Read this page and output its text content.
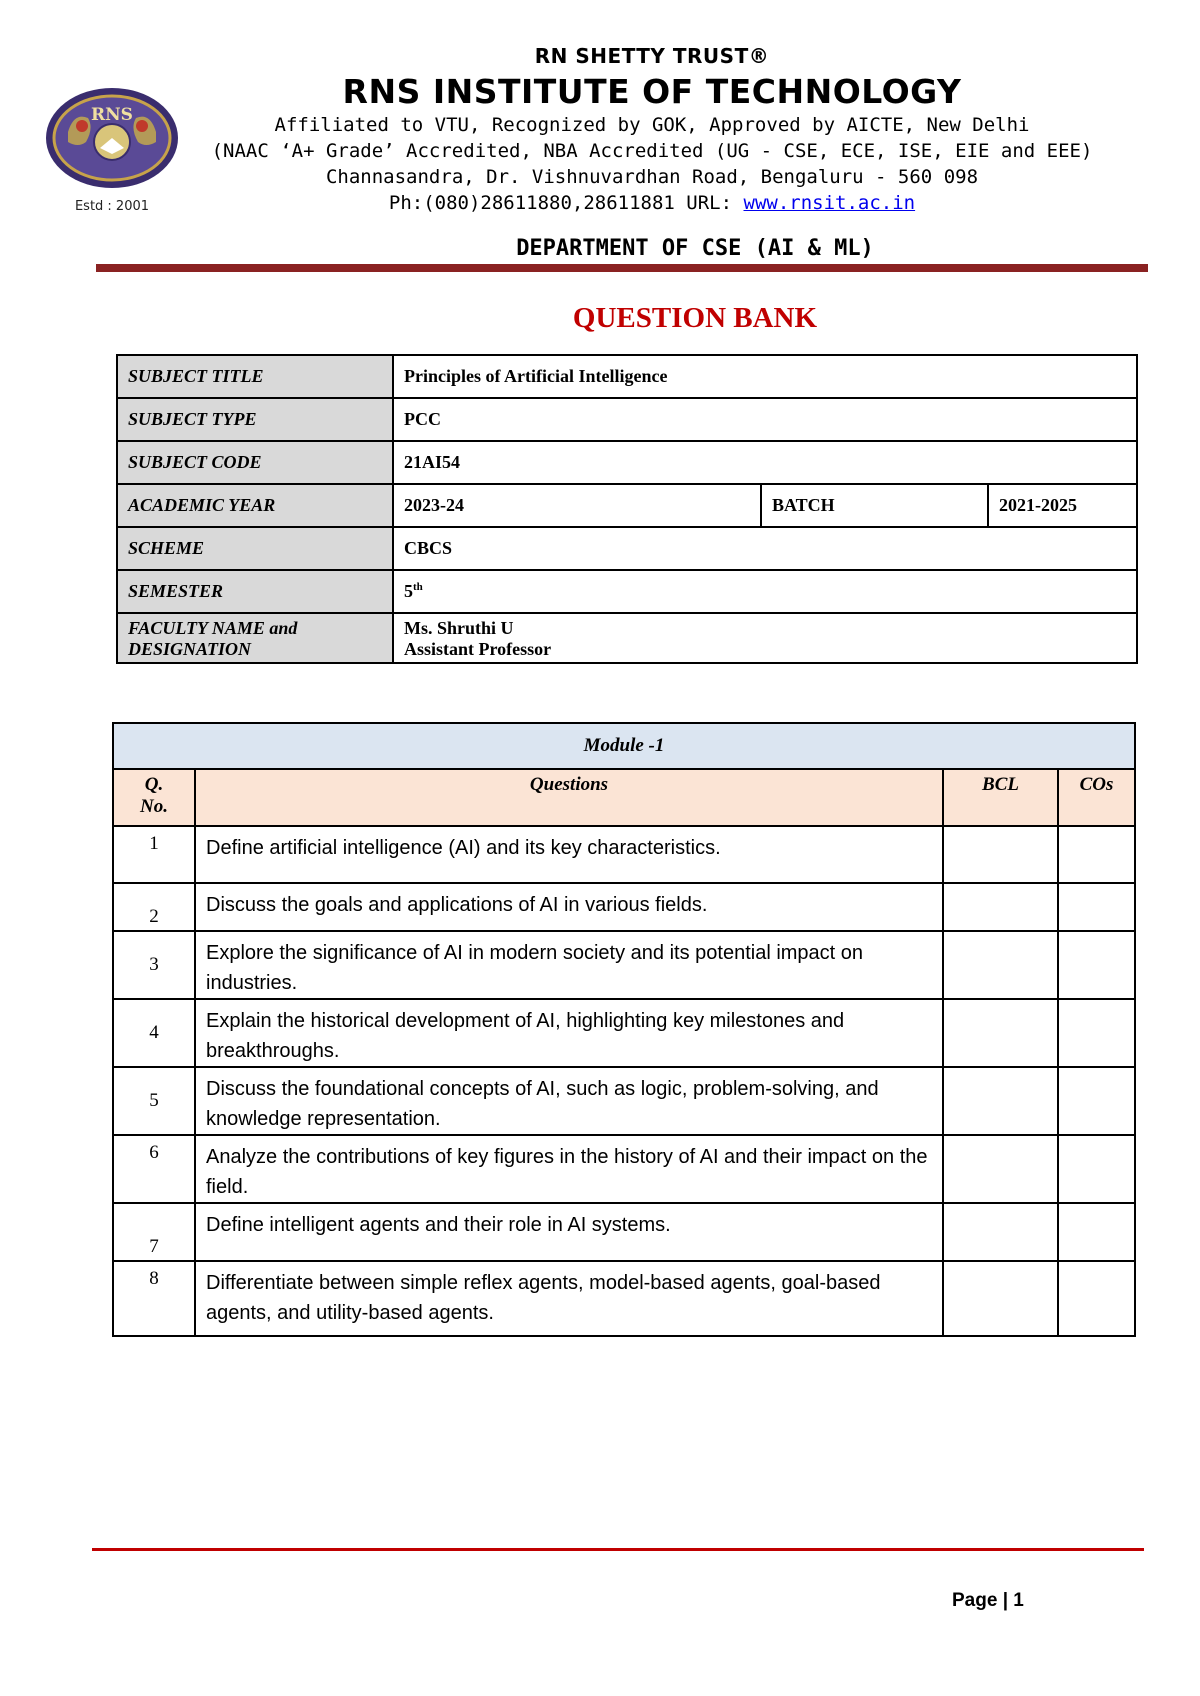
RNS
Estd : 2001
RN SHETTY TRUST®
RNS INSTITUTE OF TECHNOLOGY
Affiliated to VTU, Recognized by GOK, Approved by AICTE, New Delhi
(NAAC ‘A+ Grade’ Accredited, NBA Accredited (UG - CSE, ECE, ISE, EIE and EEE)
Channasandra, Dr. Vishnuvardhan Road, Bengaluru - 560 098
Ph:(080)28611880,28611881 URL: www.rnsit.ac.in
DEPARTMENT OF CSE (AI & ML)
QUESTION BANK
SUBJECT TITLE	Principles of Artificial Intelligence		
SUBJECT TYPE	PCC		
SUBJECT CODE	21AI54		
ACADEMIC YEAR	2023-24	BATCH	2021-2025
SCHEME	CBCS		
SEMESTER	5th
FACULTY NAME and
DESIGNATION	Ms. Shruthi U
Assistant Professor		
Module -1			
Q.
No.	Questions	BCL	COs
1	Define artificial intelligence (AI) and its key characteristics.		
2	Discuss the goals and applications of AI in various fields.		
3	Explore the significance of AI in modern society and its potential impact on industries.		
4	Explain the historical development of AI, highlighting key milestones and breakthroughs.		
5	Discuss the foundational concepts of AI, such as logic, problem-solving, and knowledge representation.		
6	Analyze the contributions of key figures in the history of AI and their impact on the field.		
7	Define intelligent agents and their role in AI systems.		
8	Differentiate between simple reflex agents, model-based agents, goal-based agents, and utility-based agents.		
Page | 1
